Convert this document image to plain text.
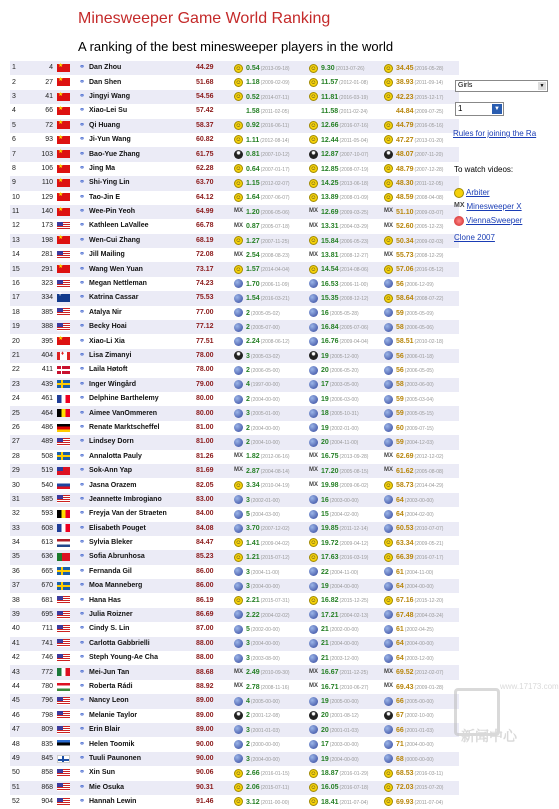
Minesweeper Game World Ranking
A ranking of the best minesweeper players in the world
1	4	★	⚭	Dan Zhou	44.29	☺ 0.54(2013-09-18)	☺ 9.30(2013-07-26)	☺ 34.45(2016-05-28)
2	27	★	⚭	Dan Shen	51.68	☺ 1.18(2009-02-09)	☺ 11.57(2012-01-08)	☺ 38.93(2011-09-14)
3	41	★	⚭	Jingyi Wang	54.56	☺ 0.52(2014-07-11)	☺ 11.81(2016-03-19)	☺ 42.23(2015-12-17)
4	66	★	⚭	Xiao-Lei Su	57.42	1.58(2011-02-05)	11.58(2011-02-24)	44.84(2009-07-25)
5	72	★	⚭	Qi Huang	58.37	☺ 0.92(2016-06-11)	☺ 12.66(2016-07-16)	☺ 44.79(2016-05-16)
6	93	★	⚭	Ji-Yun Wang	60.82	☺ 1.11(2012-08-14)	☺ 12.44(2011-05-04)	☺ 47.27(2013-01-20)
7	103	★	⚭	Bao-Yue Zhang	61.75	✹ 0.81(2007-10-12)	✹ 12.87(2007-10-07)	✹ 48.07(2007-11-20)
8	106	★	⚭	Jing Ma	62.28	☺ 0.64(2007-01-17)	☺ 12.85(2008-07-19)	☺ 48.79(2007-12-28)
9	110	★	⚭	Shi-Ying Lin	63.70	☺ 1.15(2012-02-07)	☺ 14.25(2013-06-18)	☺ 48.30(2011-12-05)
10	129	★	⚭	Tao-Jin E	64.12	☺ 1.64(2007-06-07)	☺ 13.89(2008-01-09)	☺ 48.59(2008-04-08)
11	140	★	⚭	Wee-Pin Yeoh	64.99	MX 1.20(2006-05-06)	MX 12.69(2009-03-25)	MX 51.10(2009-03-07)
12	173		⚭	Kathleen LaVallee	66.78	MX 0.87(2005-07-18)	MX 13.31(2004-03-29)	MX 52.60(2005-12-23)
13	198	★	⚭	Wen-Cui Zhang	68.19	☺ 1.27(2007-11-25)	☺ 15.84(2006-05-23)	☺ 50.34(2009-02-03)
14	281		⚭	Jill Mailing	72.08	MX 2.54(2008-08-23)	MX 13.81(2008-12-27)	MX 55.73(2008-12-29)
15	291	★	⚭	Wang Wen Yuan	73.17	☺ 1.57(2014-04-04)	☺ 14.54(2014-08-06)	☺ 57.06(2016-05-12)
16	323		⚭	Megan Nettleman	74.23	1.70(2006-11-09)	16.53(2006-11-00)	56(2006-12-09)
17	334	+	⚭	Katrina Cassar	75.53	1.54(2016-03-21)	15.35(2008-12-12)	☺ 58.64(2008-07-22)
18	385		⚭	Atalya Nir	77.00	2(2005-05-02)	16(2005-05-28)	59(2005-05-09)
19	388		⚭	Becky Hoai	77.12	2(2005-07-00)	16.84(2005-07-06)	58(2006-05-06)
20	395	★	⚭	Xiao-Li Xia	77.51	2.24(2008-06-12)	16.76(2009-04-04)	58.51(2010-02-18)
21	404	♦	⚭	Lisa Zimanyi	78.00	✹ 3(2005-03-02)	✹ 19(2005-12-00)	56(2006-01-18)
22	411		⚭	Laila Høtoft	78.00	2(2006-05-00)	20(2006-05-20)	56(2006-05-05)
23	439		⚭	Inger Wingård	79.00	4(1997-00-00)	17(2003-05-00)	58(2003-06-00)
24	461		⚭	Delphine Barthelemy	80.00	2(2004-00-00)	19(2006-03-00)	59(2005-03-04)
25	464		⚭	Aimee VanOmmeren	80.00	3(2005-01-00)	18(2005-10-31)	59(2005-05-15)
26	486		⚭	Renate Marktscheffel	81.00	2(2004-00-00)	19(2002-01-00)	60(2009-07-15)
27	489		⚭	Lindsey Dorn	81.00	2(2004-10-00)	20(2004-11-00)	59(2004-12-03)
28	508		⚭	Annalotta Pauly	81.26	MX 1.82(2012-06-16)	MX 16.75(2013-09-28)	MX 62.69(2012-12-02)
29	519		⚭	Sok-Ann Yap	81.69	MX 2.87(2004-08-14)	MX 17.20(2005-08-15)	MX 61.62(2005-08-08)
30	540		⚭	Jasna Orazem	82.05	☺ 3.34(2010-04-19)	MX 19.98(2009-06-02)	☺ 58.73(2014-04-29)
31	585		⚭	Jeannette Imbrogiano	83.00	3(2002-01-00)	16(2003-00-00)	64(2003-00-00)
32	593		⚭	Freyja Van der Straeten	84.00	5(2004-03-00)	15(2004-02-00)	64(2004-02-00)
33	608		⚭	Elisabeth Pouget	84.08	3.70(2007-12-02)	19.85(2011-12-14)	60.53(2010-07-07)
34	613		⚭	Sylvia Bleker	84.47	☺ 1.41(2009-04-02)	☺ 19.72(2009-04-12)	☺ 63.34(2009-05-21)
35	636		⚭	Sofia Abrunhosa	85.23	☺ 1.21(2015-07-12)	☺ 17.63(2016-03-19)	☺ 66.39(2016-07-17)
36	665		⚭	Fernanda Gil	86.00	3(2004-11-00)	22(2004-11-00)	61(2004-11-00)
37	670		⚭	Moa Manneberg	86.00	3(2004-00-00)	19(2004-00-00)	64(2004-00-00)
38	681		⚭	Hana Has	86.19	☺ 2.21(2015-07-31)	☺ 16.82(2015-12-25)	☺ 67.16(2015-12-20)
39	695		⚭	Julia Roizner	86.69	2.22(2004-02-02)	17.21(2004-02-13)	67.48(2004-03-24)
40	711		⚭	Cindy S. Lin	87.00	5(2002-00-00)	21(2002-00-00)	61(2002-04-25)
41	741		⚭	Carlotta Gabbrielli	88.00	3(2004-00-00)	21(2004-00-00)	64(2004-00-00)
42	746		⚭	Steph Young-Ae Cha	88.00	3(2003-08-00)	21(2003-12-00)	64(2003-12-00)
43	772		⚭	Mei-Jun Tan	88.68	MX 2.49(2010-09-30)	MX 16.67(2011-12-25)	MX 69.52(2012-02-07)
44	780		⚭	Roberta Rádi	88.92	MX 2.78(2008-11-16)	MX 16.71(2010-06-27)	MX 69.43(2009-01-28)
45	796		⚭	Nancy Leon	89.00	4(2005-00-00)	19(2005-00-00)	66(2005-00-00)
46	798		⚭	Melanie Taylor	89.00	✹ 2(2001-12-08)	✹ 20(2001-08-12)	✹ 67(2002-10-00)
47	809		⚭	Erin Blair	89.00	3(2001-01-03)	20(2001-01-03)	66(2001-01-03)
48	835		⚭	Helen Toomik	90.00	2(2000-00-00)	17(2003-00-00)	71(2004-00-00)
49	845		⚭	Tuuli Paunonen	90.00	3(2004-00-00)	19(2004-00-00)	68(0000-00-00)
50	858		⚭	Xin Sun	90.06	☺ 2.66(2016-01-15)	☺ 18.87(2016-01-29)	☺ 68.53(2016-03-11)
51	868		⚭	Mie Osuka	90.31	☺ 2.06(2015-07-11)	☺ 16.05(2016-07-18)	☺ 72.03(2015-07-20)
52	904		⚭	Hannah Lewin	91.46	☺ 3.12(2011-00-00)	☺ 18.41(2011-07-04)	☺ 69.93(2011-07-04)
Girls	▼
1	▼
Rules for joining the Ra
To watch videos:
Arbiter
MX Minesweeper X
ViennaSweeper
Clone 2007
www.17173.com
新闻中心
